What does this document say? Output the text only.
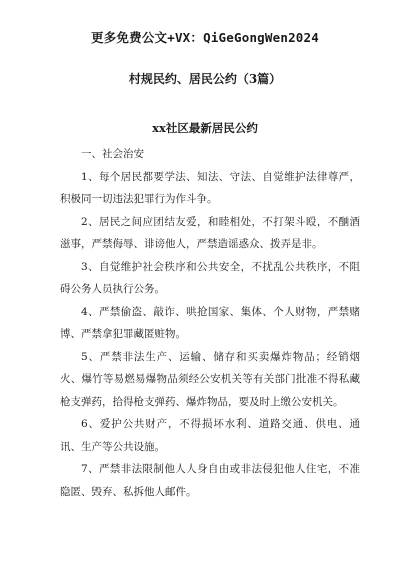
更多免费公文+VX：QiGeGongWen2024
村规民约、居民公约（3篇）
xx社区最新居民公约

一、社会治安

1、每个居民都要学法、知法、守法、自觉维护法律尊严，积极同一切违法犯罪行为作斗争。

2、居民之间应团结友爱，和睦相处，不打架斗殴，不酗酒滋事，严禁侮辱、诽谤他人，严禁造谣惑众、拨弄是非。

3、自觉维护社会秩序和公共安全，不扰乱公共秩序，不阻碍公务人员执行公务。

4、严禁偷盗、敲诈、哄抢国家、集体、个人财物，严禁赌博、严禁拿犯罪藏匿赃物。

5、严禁非法生产、运输、储存和买卖爆炸物品；经销烟火、爆竹等易燃易爆物品须经公安机关等有关部门批准不得私藏枪支弹药，拾得枪支弹药、爆炸物品，要及时上缴公安机关。

6、爱护公共财产，不得损坏水利、道路交通、供电、通讯、生产等公共设施。

7、严禁非法限制他人人身自由或非法侵犯他人住宅，不准隐匿、毁弃、私拆他人邮件。
